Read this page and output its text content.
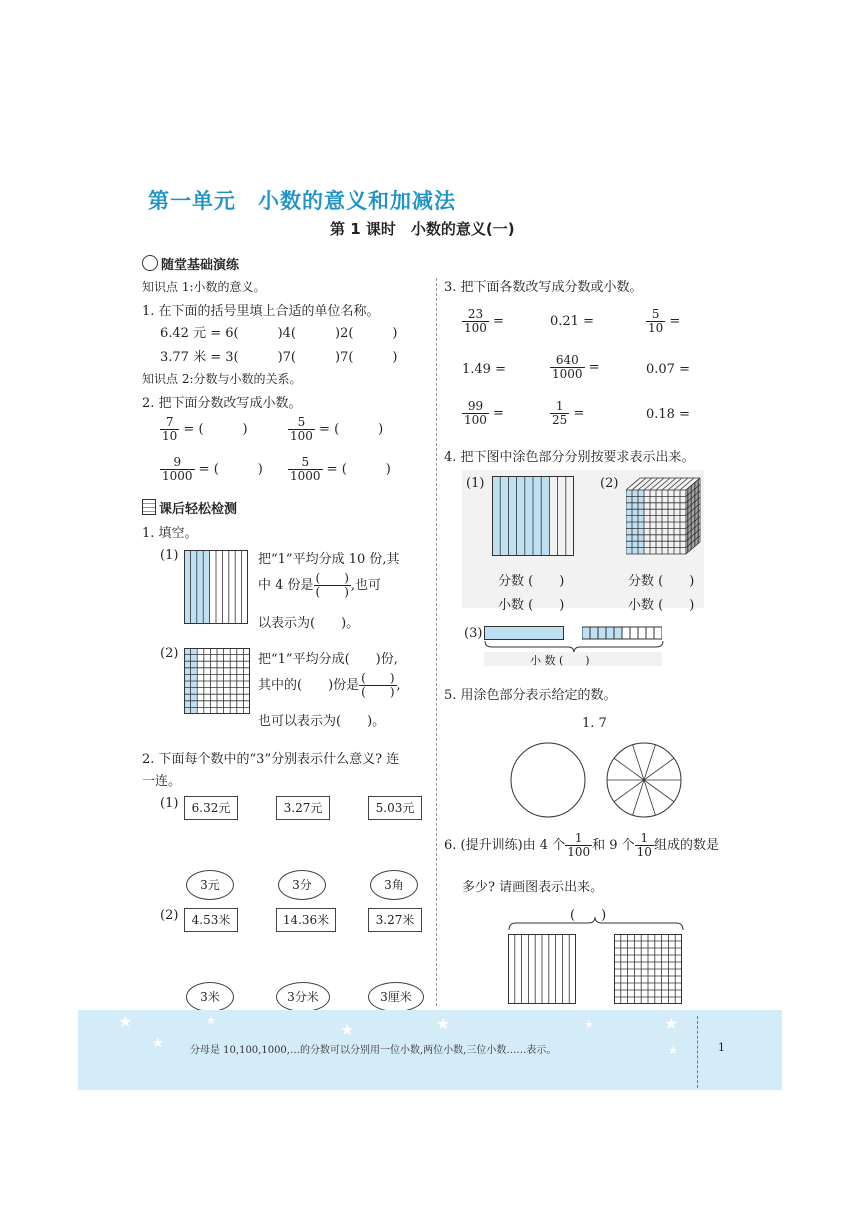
第一单元　小数的意义和加减法
第 1 课时　小数的意义(一)
随堂基础演练
知识点 1:小数的意义。
1. 在下面的括号里填上合适的单位名称。
6.42 元 = 6(　　　)4(　　　)2(　　　)
3.77 米 = 3(　　　)7(　　　)7(　　　)
知识点 2:分数与小数的关系。
2. 把下面分数改写成小数。
$\frac{7}{10}$ = (　　　)	$\frac{5}{100}$ = (　　　)
$\frac{9}{1000}$ = (　　　) $\frac{5}{1000}$ = (　　　)
课后轻松检测
1. 填空。
(1)	把“1”平均分成 10 份,其
中 4 份是 $\frac{( )}{( )}$ ,也可
以表示为(　　)。
(2)	把“1”平均分成(　　)份,
其中的(　　)份是 $\frac{( )}{( )}$ ,
也可以表示为(　　)。
2. 下面每个数中的“3”分别表示什么意义? 连
一连。
(1)	6.32元	3.27元	5.03元
3元	3分	3角
(2)	4.53米	14.36米	3.27米
3米	3分米	3厘米
3. 把下面各数改写成分数或小数。
$\frac{23}{100}$ =	0.21 =	$\frac{5}{10}$ =
1.49 =	$\frac{640}{1000}$ =	0.07 =
$\frac{99}{100}$ =	$\frac{1}{25}$ =	0.18 =
4. 把下图中涂色部分分别按要求表示出来。
(1)	(2)
分数 (　　)
小数 (　　)
分数 (　　)
小数 (　　)
(3)
小 数 (　　)
5. 用涂色部分表示给定的数。
1. 7
6. (提升训练)由 4 个 $\frac{1}{100}$ 和 9 个 $\frac{1}{10}$ 组成的数是
多少? 请画图表示出来。
(　　)
★
★
★	★	★	★	★
★
分母是 10,100,1000,…的分数可以分别用一位小数,两位小数,三位小数……表示。	1
